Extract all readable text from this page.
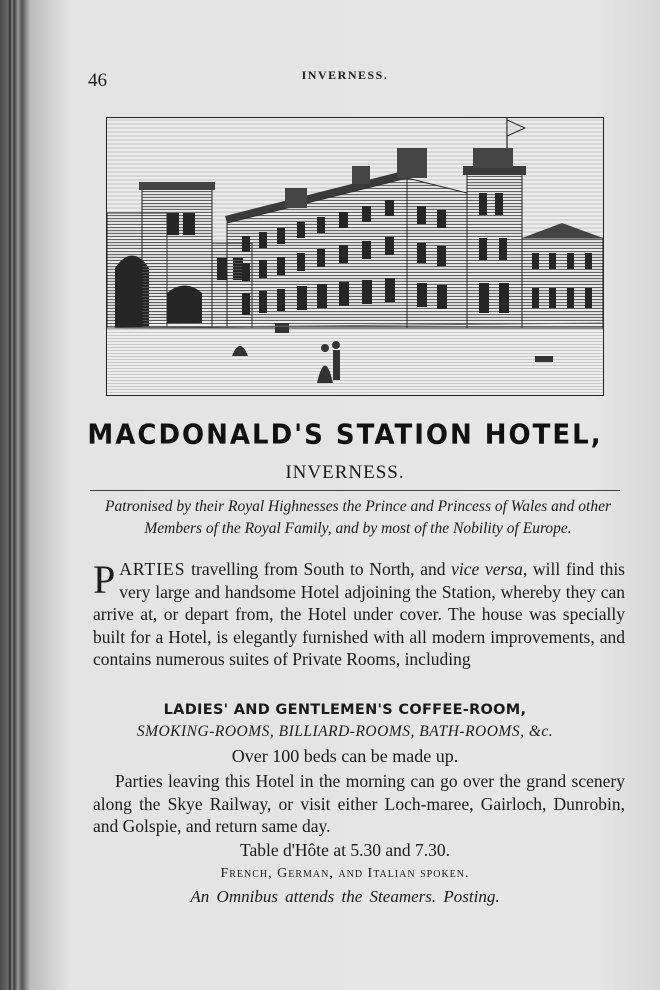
46	INVERNESS.
MACDONALD'S STATION HOTEL,
INVERNESS.
Patronised by their Royal Highnesses the Prince and Princess of Wales and other Members of the Royal Family, and by most of the Nobility of Europe.
PARTIES travelling from South to North, and vice versa, will find this very large and handsome Hotel adjoining the Station, whereby they can arrive at, or depart from, the Hotel under cover. The house was specially built for a Hotel, is elegantly furnished with all modern improvements, and contains numerous suites of Private Rooms, including
LADIES' AND GENTLEMEN'S COFFEE-ROOM,
SMOKING-ROOMS, BILLIARD-ROOMS, BATH-ROOMS, &c.
Over 100 beds can be made up.
Parties leaving this Hotel in the morning can go over the grand scenery along the Skye Railway, or visit either Loch-maree, Gairloch, Dunrobin, and Golspie, and return same day.
Table d'Hôte at 5.30 and 7.30.
French, German, and Italian spoken.
An Omnibus attends the Steamers. Posting.
